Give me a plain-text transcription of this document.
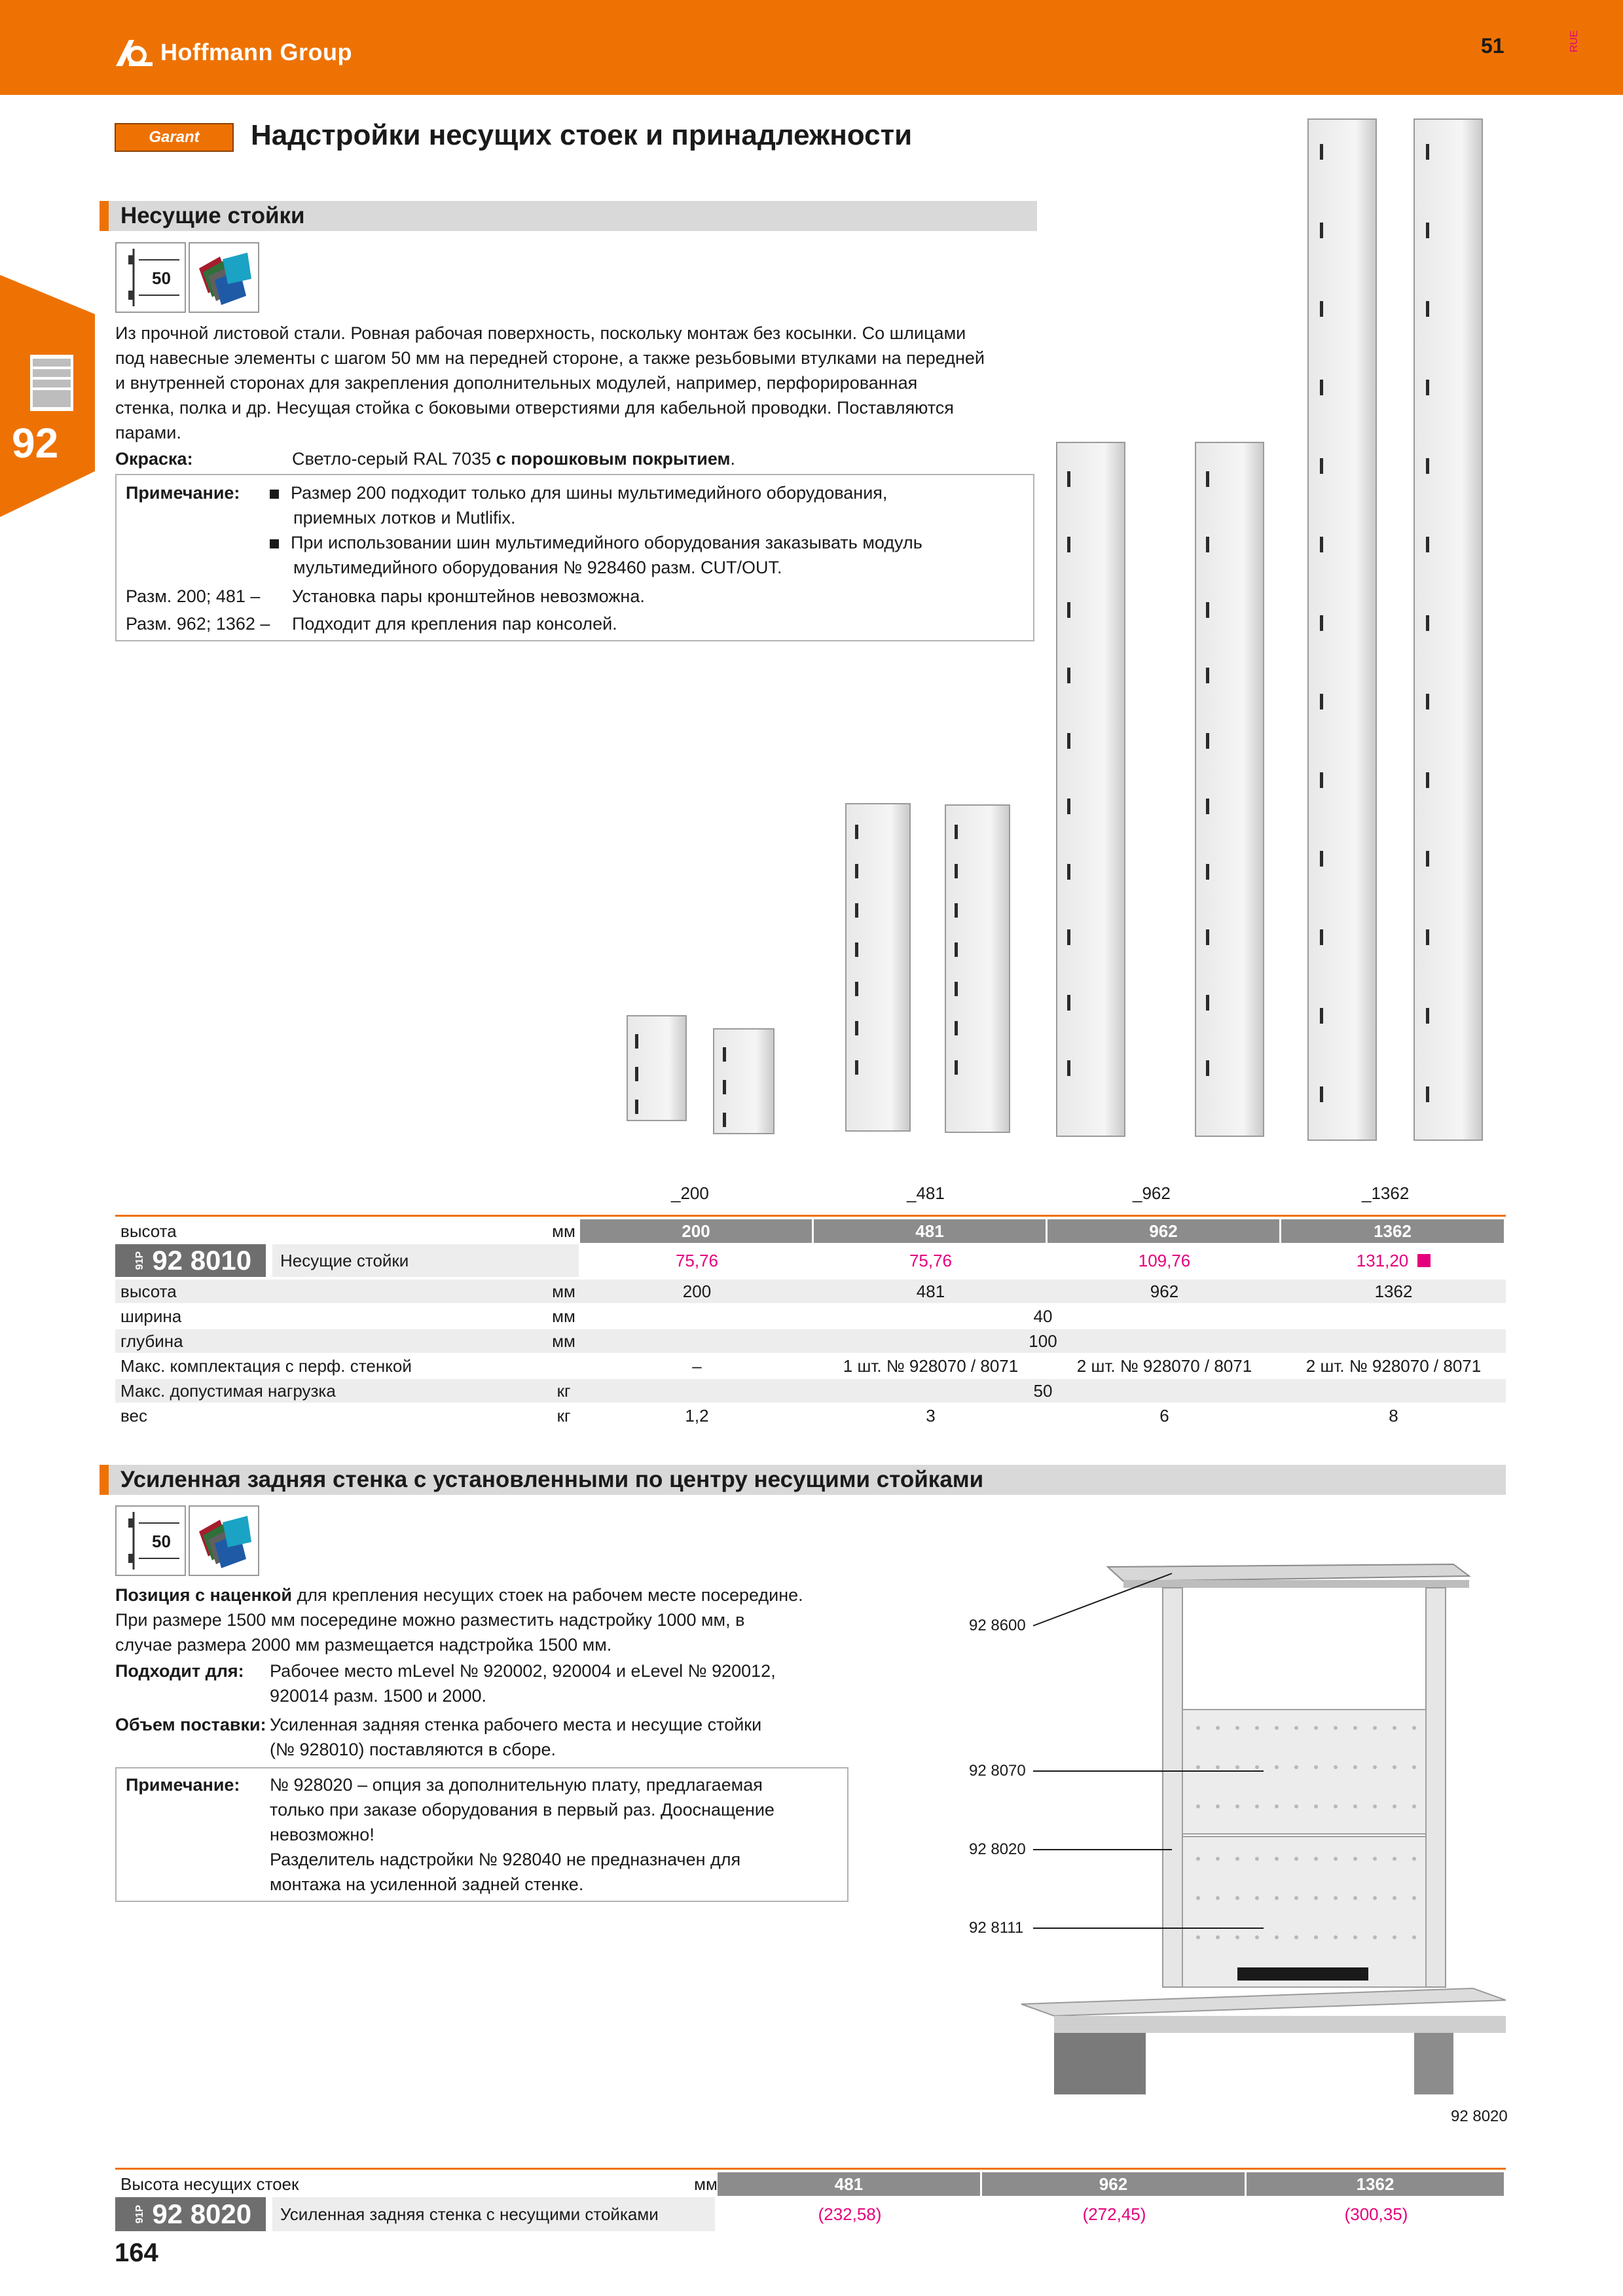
Hoffmann Group	51	RUE
92
Garant Надстройки несущих стоек и принадлежности
Несущие стойки
50
Из прочной листовой стали. Ровная рабочая поверхность, поскольку монтаж без косынки. Со шлицами
под навесные элементы с шагом 50 мм на передней стороне, а также резьбовыми втулками на передней
и внутренней сторонах для закрепления дополнительных модулей, например, перфорированная
стенка, полка и др. Несущая стойка с боковыми отверстиями для кабельной проводки. Поставляются
парами.
Окраска:	Светло-серый RAL 7035 с порошковым покрытием.
Примечание:	Размер 200 подходит только для шины мультимедийного оборудования,
приемных лотков и Mutlifix.
При использовании шин мультимедийного оборудования заказывать модуль
мультимедийного оборудования № 928460 разм. CUT/OUT.
Разм. 200; 481 – Установка пары кронштейнов невозможна.
Разм. 962; 1362 – Подходит для крепления пар консолей.
_200	_481	_962	_1362
высота	мм	200	481	962	1362
91P 92 8010	Несущие стойки	75,76	75,76	109,76	131,20
высота	мм	200	481	962	1362
ширина	мм	40
глубина	мм	100
Макс. комплектация с перф. стенкой	–	1 шт. № 928070 / 8071	2 шт. № 928070 / 8071	2 шт. № 928070 / 8071
Макс. допустимая нагрузка	кг	50
вес	кг	1,2	3	6	8
Усиленная задняя стенка с установленными по центру несущими стойками
50
Позиция с наценкой для крепления несущих стоек на рабочем месте посередине.
При размере 1500 мм посередине можно разместить надстройку 1000 мм, в
случае размера 2000 мм размещается надстройка 1500 мм.
Подходит для: Рабочее место mLevel № 920002, 920004 и eLevel № 920012,
920014 разм. 1500 и 2000.
Объем поставки: Усиленная задняя стенка рабочего места и несущие стойки
(№ 928010) поставляются в сборе.
Примечание: № 928020 – опция за дополнительную плату, предлагаемая
только при заказе оборудования в первый раз. Дооснащение
невозможно!
Разделитель надстройки № 928040 не предназначен для
монтажа на усиленной задней стенке.
92 8600
92 8070
92 8020
92 8111
92 8020
Высота несущих стоек	мм	481	962	1362
91P 92 8020	Усиленная задняя стенка с несущими стойками	(232,58)	(272,45)	(300,35)
164
